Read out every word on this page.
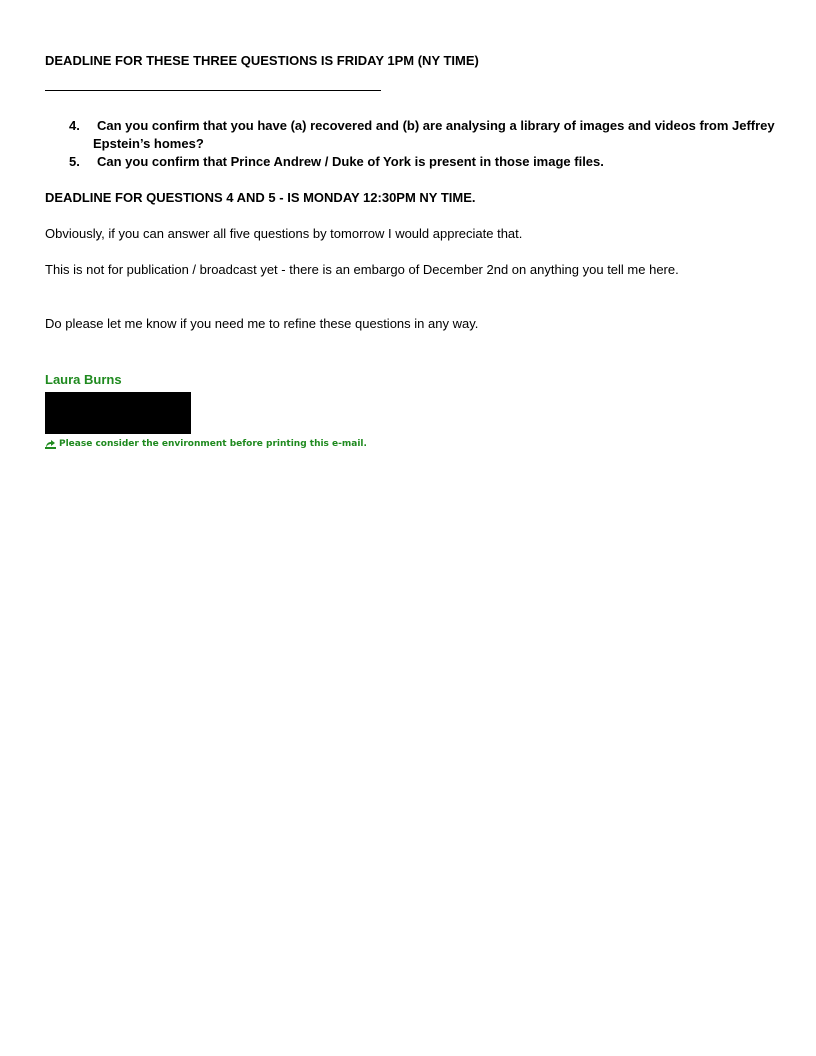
DEADLINE FOR THESE THREE QUESTIONS IS FRIDAY 1PM (NY TIME)
4.	Can you confirm that you have (a) recovered and (b) are analysing a library of images and videos from Jeffrey
Epstein’s homes?
5.	Can you confirm that Prince Andrew / Duke of York is present in those image files.
DEADLINE FOR QUESTIONS 4 AND 5 - IS MONDAY 12:30PM NY TIME.
Obviously, if you can answer all five questions by tomorrow I would appreciate that.
This is not for publication / broadcast yet - there is an embargo of December 2nd on anything you tell me here.
Do please let me know if you need me to refine these questions in any way.
Laura Burns
Please consider the environment before printing this e-mail.
